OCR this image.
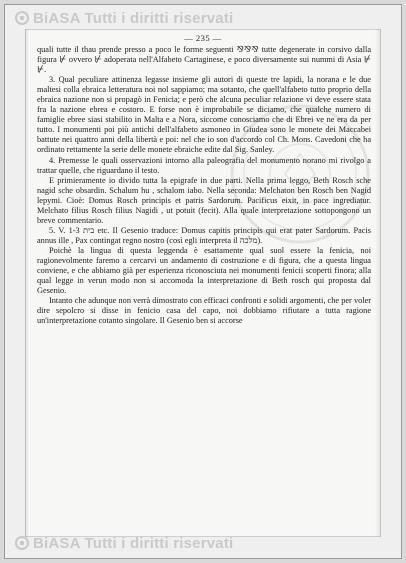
BiASA Tutti i diritti riservati
— 235 —

quali tutte il thau prende presso a poco le forme seguenti ⅋⅋⅋ tutte degenerate in corsivo dalla figura ⊬ ovvero ⊬ adoperata nell'Alfabeto Cartaginese, e poco diversamente sui nummi di Asia ⊬ ⊬.

3. Qual peculiare attinenza legasse insieme gli autori di queste tre lapidi, la norana e le due maltesi colla ebraica letteratura noi nol sappiamo; ma sotanto, che quell'alfabeto tutto proprio della ebraica nazione non si propagò in Fenicia; e però che alcuna peculiar relazione vi deve essere stata fra la nazione ebrea e costoro. E forse non è improbabile se diciamo, che qualche numero di famiglie ebree siasi stabilito in Malta e a Nora, siccome conosciamo che di Ebrei ve ne era da per tutto. I monumenti poi più antichi dell'alfabeto asmoneo in Giudea sono le monete dei Maccabei battute nei quattro anni della libertà e poi: nel che io son d'accordo col Ch. Mons. Cavedoni che ha ordinato rettamente la serie delle monete ebraiche edite dal Sig. Sanley.

4. Premesse le quali osservazioni intorno alla paleografia del monumento norano mi rivolgo a trattar quelle, che riguardano il testo.

E primieramente io divido tutta la epigrafe in due parti. Nella prima leggo, Beth Rosch sche nagid sche obsardin. Schalum hu , schalom iabo. Nella seconda: Melchaton ben Rosch ben Nagid lepymi. Cioè: Domus Rosch principis et patris Sardorum. Pacificus eixit, in pace ingrediatur. Melchato filius Rosch filius Nagidi , ut potuit (fecit). Alla quale interpretazione sottopongono un breve commentario.

5. V. 1-3 בית etc. Il Gesenio traduce: Domus capitis principis qui erat pater Sardorum. Pacis annus ille , Pax contingat regno nostro (così egli interpreta il מלכה).

Poichè la lingua di questa leggenda è esattamente qual suol essere la fenicia, noi ragionevolmente faremo a cercarvi un andamento di costruzione e di figura, che a questa lingua conviene, e che abbiamo già per esperienza riconosciuta nei monumenti fenicii scoperti finora; alla qual legge in verun modo non si accomoda la interpretazione di Beth rosch qui proposta dal Gesenio.

Intanto che adunque non verrà dimostrato con efficaci confronti e solidi argomenti, che per voler dire sepolcro si disse in fenicio casa del capo, noi dobbiamo rifiutare a tutta ragione un'interpretazione cotanto singolare. Il Gesenio ben si accorse

BiASA Tutti i diritti riservati
